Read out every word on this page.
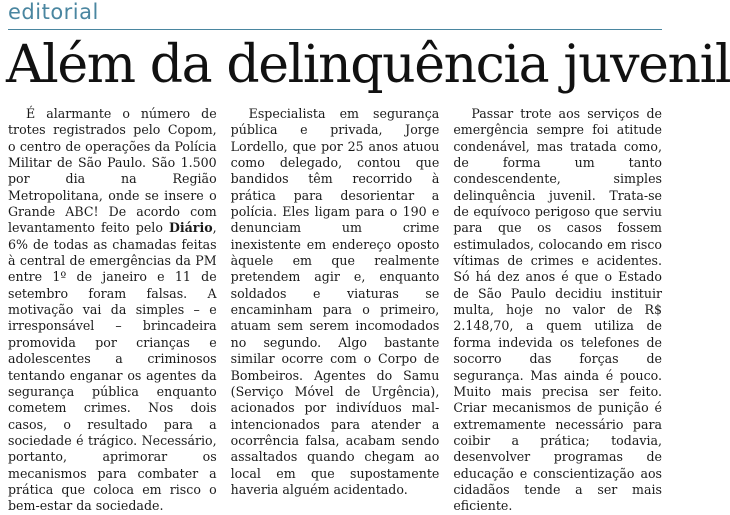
editorial
Além da delinquência juvenil

É alarmante o número de trotes registrados pelo Copom, o centro de operações da Polícia Militar de São Paulo. São 1.500 por dia na Região Metropolitana, onde se insere o Grande ABC! De acordo com levantamento feito pelo Diário, 6% de todas as chamadas feitas à central de emergências da PM entre 1º de janeiro e 11 de setembro foram falsas. A motivação vai da simples – e irresponsável – brincadeira promovida por crianças e adolescentes a criminosos tentando enganar os agentes da segurança pública enquanto cometem crimes. Nos dois casos, o resultado para a sociedade é trágico. Necessário, portanto, aprimorar os mecanismos para combater a prática que coloca em risco o bem-estar da sociedade.

Especialista em segurança pública e privada, Jorge Lordello, que por 25 anos atuou como delegado, contou que bandidos têm recorrido à prática para desorientar a polícia. Eles ligam para o 190 e denunciam um crime inexistente em endereço oposto àquele em que realmente pretendem agir e, enquanto soldados e viaturas se encaminham para o primeiro, atuam sem serem incomodados no segundo. Algo bastante similar ocorre com o Corpo de Bombeiros. Agentes do Samu (Serviço Móvel de Urgência), acionados por indivíduos mal-intencionados para atender a ocorrência falsa, acabam sendo assaltados quando chegam ao local em que supostamente haveria alguém acidentado.

Passar trote aos serviços de emergência sempre foi atitude condenável, mas tratada como, de forma um tanto condescendente, simples delinquência juvenil. Trata-se de equívoco perigoso que serviu para que os casos fossem estimulados, colocando em risco vítimas de crimes e acidentes. Só há dez anos é que o Estado de São Paulo decidiu instituir multa, hoje no valor de R$ 2.148,70, a quem utiliza de forma indevida os telefones de socorro das forças de segurança. Mas ainda é pouco. Muito mais precisa ser feito. Criar mecanismos de punição é extremamente necessário para coibir a prática; todavia, desenvolver programas de educação e conscientização aos cidadãos tende a ser mais eficiente.
